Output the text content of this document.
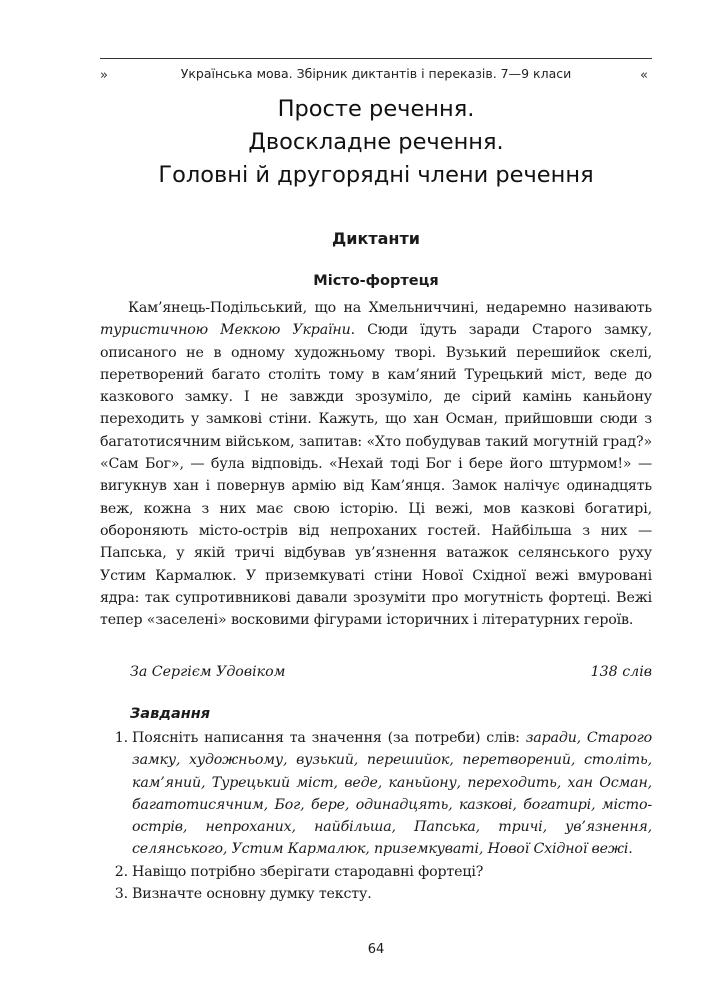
»	Українська мова. Збірник диктантів і переказів. 7—9 класи	«
Просте речення.
Двоскладне речення.
Головні й другорядні члени речення
Диктанти
Місто-фортеця

Кам’янець-Подільський, що на Хмельниччині, недаремно називають туристичною Меккою України. Сюди їдуть заради Старого замку, описаного не в одному художньому творі. Вузький перешийок скелі, перетворений багато століть тому в кам’яний Турецький міст, веде до казкового замку. І не завжди зрозуміло, де сірий камінь каньйону переходить у замкові стіни. Кажуть, що хан Осман, прийшовши сюди з багатотисячним військом, запитав: «Хто побудував такий могутній град?» «Сам Бог», — була відповідь. «Нехай тоді Бог і бере його штурмом!» — вигукнув хан і повернув армію від Кам’янця. Замок налічує одинадцять веж, кожна з них має свою історію. Ці вежі, мов казкові богатирі, обороняють місто-острів від непроханих гостей. Найбільша з них — Папська, у якій тричі відбував ув’язнення ватажок селянського руху Устим Кармалюк. У приземкуваті стіни Нової Східної вежі вмуровані ядра: так супротивникові давали зрозуміти про могутність фортеці. Вежі тепер «заселені» восковими фігурами історичних і літературних героїв.

За Сергієм Удовіком	138 слів
Завдання
1. Поясніть написання та значення (за потреби) слів: заради, Старого замку, художньому, вузький, перешийок, перетворений, століть, кам’яний, Турецький міст, веде, каньйону, переходить, хан Осман, багатотисячним, Бог, бере, одинадцять, казкові, богатирі, місто-острів, непроханих, найбільша, Папська, тричі, ув’язнення, селянського, Устим Кармалюк, приземкуваті, Нової Східної вежі.
2. Навіщо потрібно зберігати стародавні фортеці?
3. Визначте основну думку тексту.
64
